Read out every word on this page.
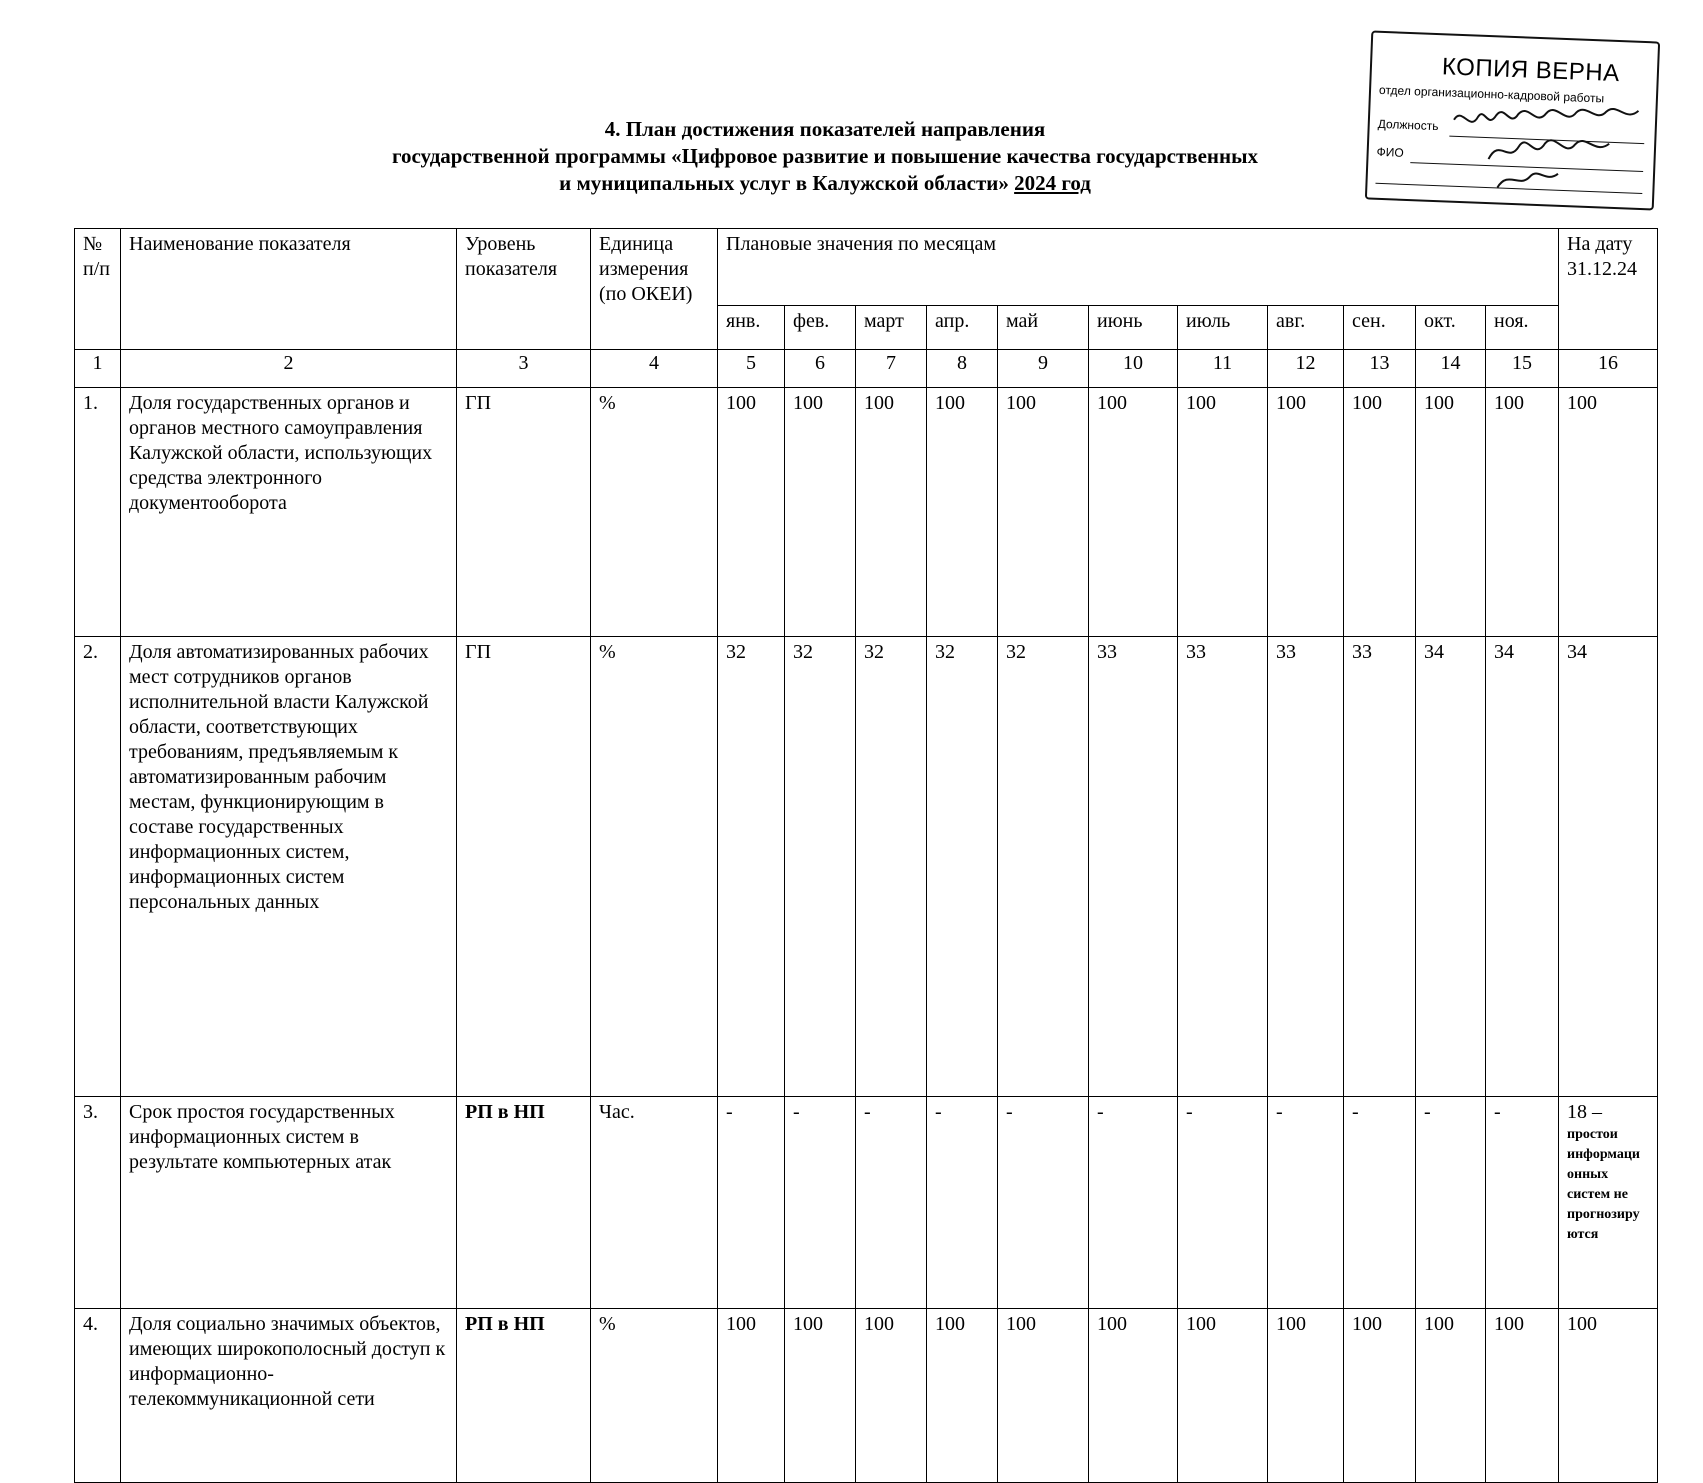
4. План достижения показателей направления
государственной программы «Цифровое развитие и повышение качества государственных
и муниципальных услуг в Калужской области» 2024 год
КОПИЯ ВЕРНА
отдел организационно-кадровой работы
Должность
ФИО
№ п/п	Наименование показателя	Уровень показателя	Единица измерения (по ОКЕИ)	Плановые значения по месяцам											На дату 31.12.24
				янв.	фев.	март	апр.	май	июнь	июль	авг.	сен.	окт.	ноя.	
1	2	3	4	5	6	7	8	9	10	11	12	13	14	15	16
1.	Доля государственных органов и органов местного самоуправления Калужской области, использующих средства электронного документооборота	ГП	%	100	100	100	100	100	100	100	100	100	100	100	100
2.	Доля автоматизированных рабочих мест сотрудников органов исполнительной власти Калужской области, соответствующих требованиям, предъявляемым к автоматизированным рабочим местам, функционирующим в составе государственных информационных систем, информационных систем персональных данных	ГП	%	32	32	32	32	32	33	33	33	33	34	34	34
3.	Срок простоя государственных информационных систем в результате компьютерных атак	РП в НП	Час.	-	-	-	-	-	-	-	-	-	-	-	18 –
простои информаци онных систем не прогнозиру ются

4.	Доля социально значимых объектов, имеющих широкополосный доступ к информационно-телекоммуникационной сети	РП в НП	%	100	100	100	100	100	100	100	100	100	100	100	100
